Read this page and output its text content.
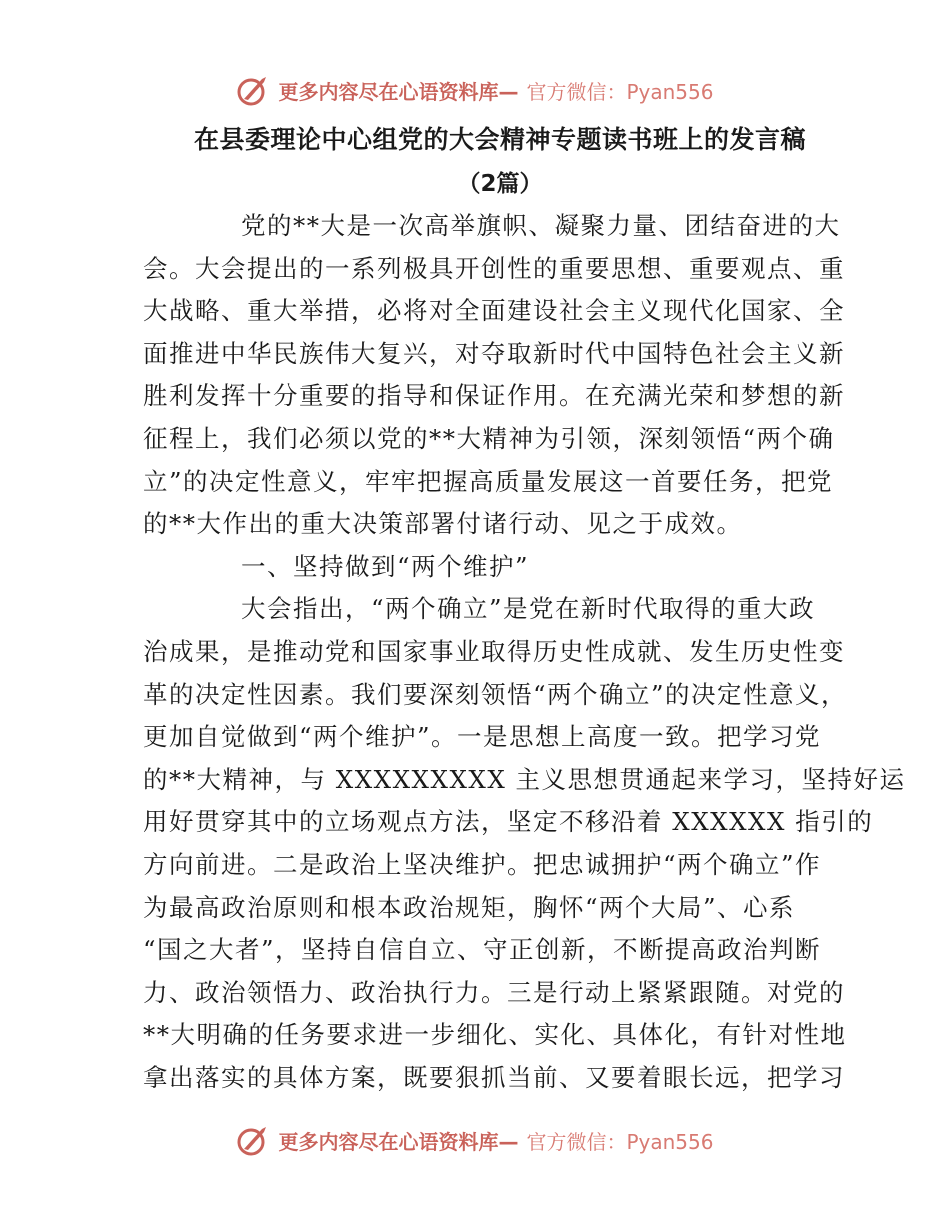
更多内容尽在心语资料库— 官方微信：Pyan556
在县委理论中心组党的大会精神专题读书班上的发言稿
（2篇）
党的**大是一次高举旗帜、凝聚力量、团结奋进的大
会。大会提出的一系列极具开创性的重要思想、重要观点、重
大战略、重大举措，必将对全面建设社会主义现代化国家、全
面推进中华民族伟大复兴，对夺取新时代中国特色社会主义新
胜利发挥十分重要的指导和保证作用。在充满光荣和梦想的新
征程上，我们必须以党的**大精神为引领，深刻领悟“两个确
立”的决定性意义，牢牢把握高质量发展这一首要任务，把党
的**大作出的重大决策部署付诸行动、见之于成效。
一、坚持做到“两个维护”
大会指出，“两个确立”是党在新时代取得的重大政
治成果，是推动党和国家事业取得历史性成就、发生历史性变
革的决定性因素。我们要深刻领悟“两个确立”的决定性意义，
更加自觉做到“两个维护”。一是思想上高度一致。把学习党
的**大精神，与 XXXXXXXXX 主义思想贯通起来学习，坚持好运
用好贯穿其中的立场观点方法，坚定不移沿着 XXXXXX 指引的
方向前进。二是政治上坚决维护。把忠诚拥护“两个确立”作
为最高政治原则和根本政治规矩，胸怀“两个大局”、心系
“国之大者”，坚持自信自立、守正创新，不断提高政治判断
力、政治领悟力、政治执行力。三是行动上紧紧跟随。对党的
**大明确的任务要求进一步细化、实化、具体化，有针对性地
拿出落实的具体方案，既要狠抓当前、又要着眼长远，把学习
更多内容尽在心语资料库— 官方微信：Pyan556
